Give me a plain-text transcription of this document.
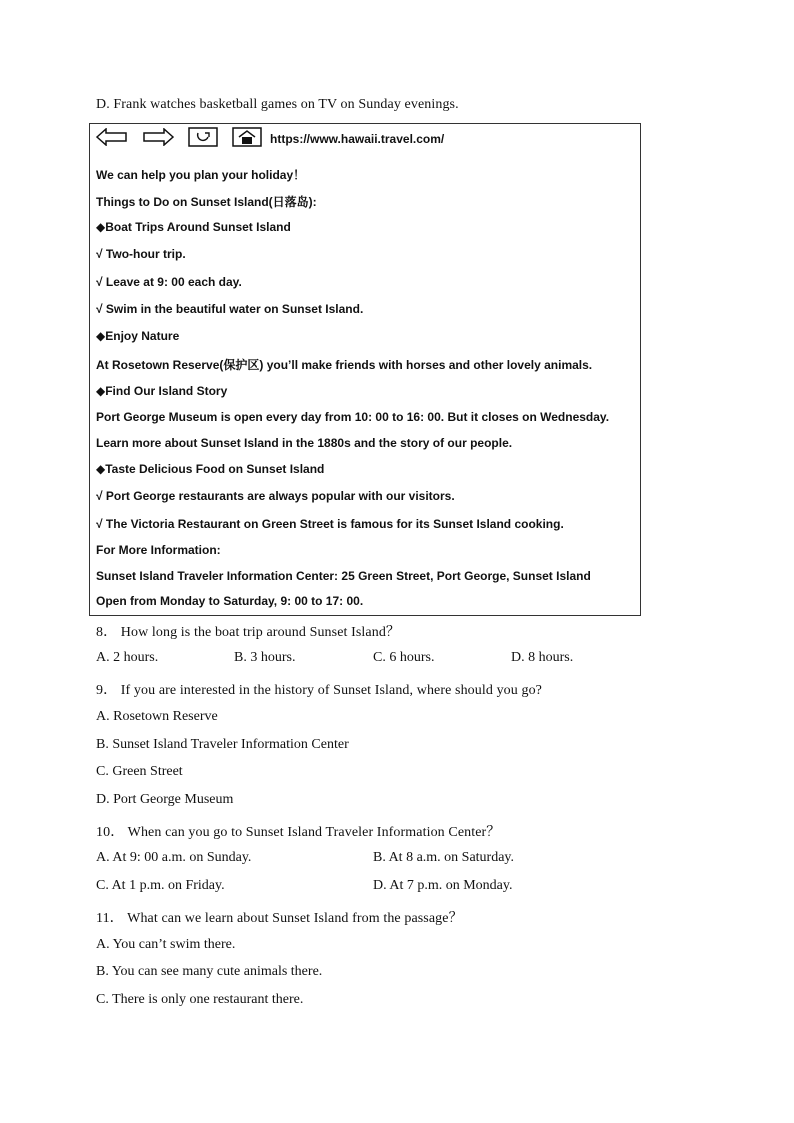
D. Frank watches basketball games on TV on Sunday evenings.
https://www.hawaii.travel.com/
We can help you plan your holiday！
Things to Do on Sunset Island(日落岛):
◆Boat Trips Around Sunset Island
√ Two-hour trip.
√ Leave at 9: 00 each day.
√ Swim in the beautiful water on Sunset Island.
◆Enjoy Nature
At Rosetown Reserve(保护区) you’ll make friends with horses and other lovely animals.
◆Find Our Island Story
Port George Museum is open every day from 10: 00 to 16: 00. But it closes on Wednesday.
Learn more about Sunset Island in the 1880s and the story of our people.
◆Taste Delicious Food on Sunset Island
√ Port George restaurants are always popular with our visitors.
√ The Victoria Restaurant on Green Street is famous for its Sunset Island cooking.
For More Information:
Sunset Island Traveler Information Center: 25 Green Street, Port George, Sunset Island
Open from Monday to Saturday, 9: 00 to 17: 00.
8． How long is the boat trip around Sunset Island？
A. 2 hours.	B. 3 hours.	C. 6 hours.	D. 8 hours.
9． If you are interested in the history of Sunset Island, where should you go?
A. Rosetown Reserve
B. Sunset Island Traveler Information Center
C. Green Street
D. Port George Museum
10． When can you go to Sunset Island Traveler Information Center？
A. At 9: 00 a.m. on Sunday.	B. At 8 a.m. on Saturday.
C. At 1 p.m. on Friday.	D. At 7 p.m. on Monday.
11． What can we learn about Sunset Island from the passage？
A. You can’t swim there.
B. You can see many cute animals there.
C. There is only one restaurant there.
